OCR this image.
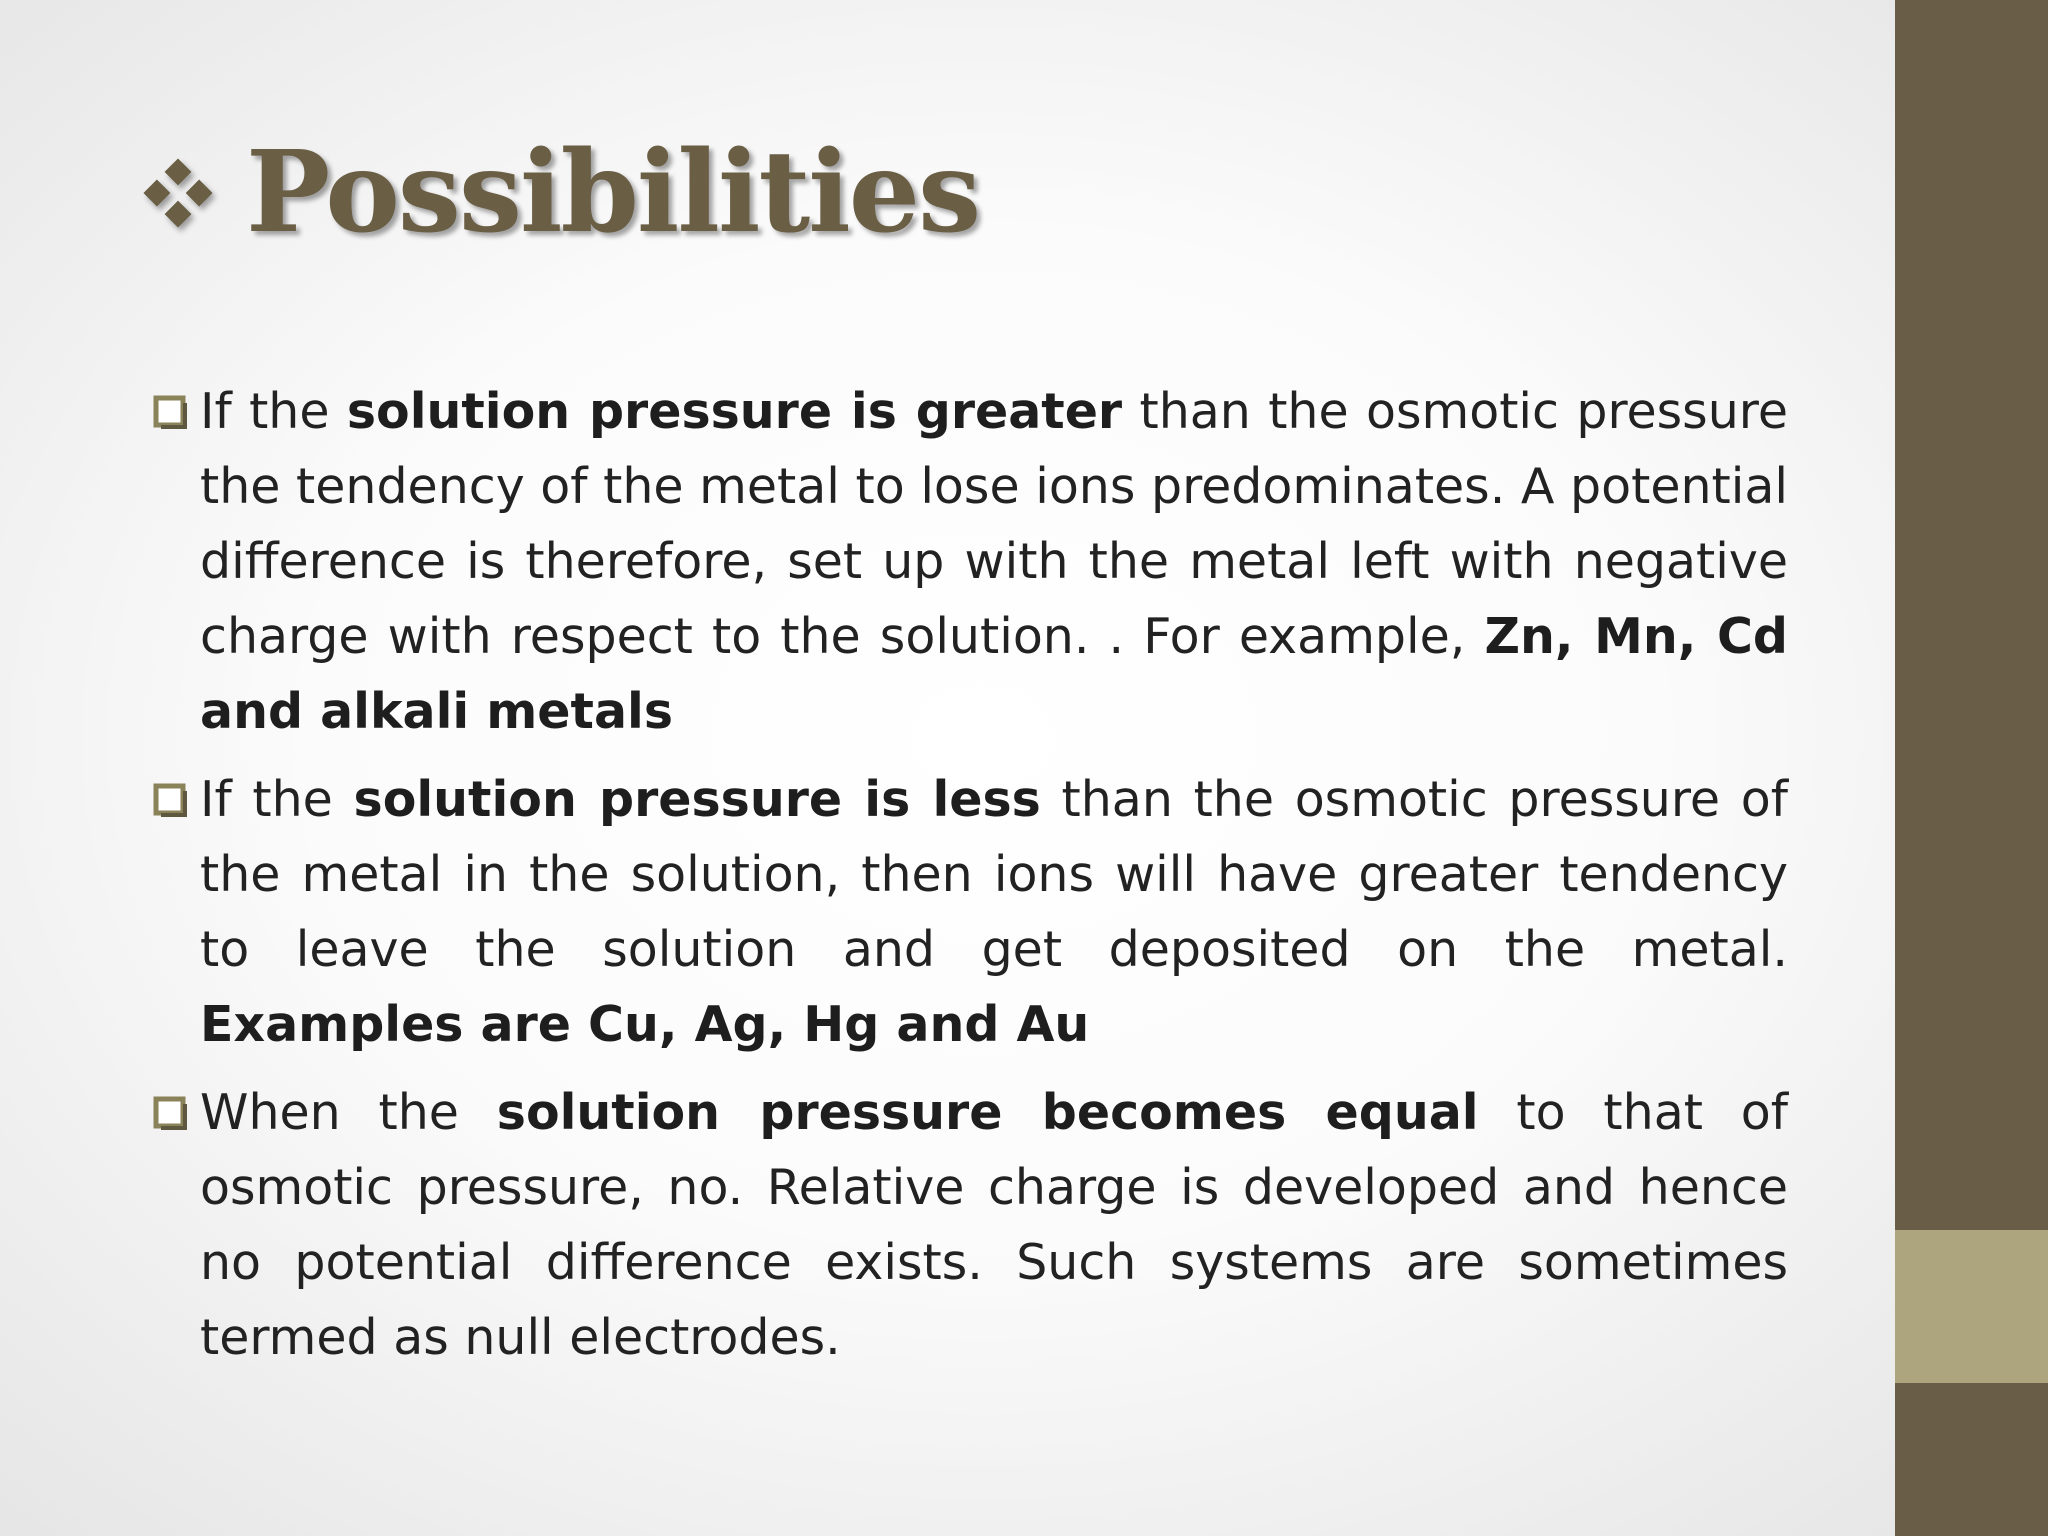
Possibilities
If the solution pressure is greater than the osmotic pressure the tendency of the metal to lose ions predominates. A potential difference is therefore, set up with the metal left with negative charge with respect to the solution. . For example, Zn, Mn, Cd and alkali metals
If the solution pressure is less than the osmotic pressure of the metal in the solution, then ions will have greater tendency to leave the solution and get deposited on the metal. Examples are Cu, Ag, Hg and Au
When the solution pressure becomes equal to that of osmotic pressure, no. Relative charge is developed and hence no potential difference exists. Such systems are sometimes termed as null electrodes.
